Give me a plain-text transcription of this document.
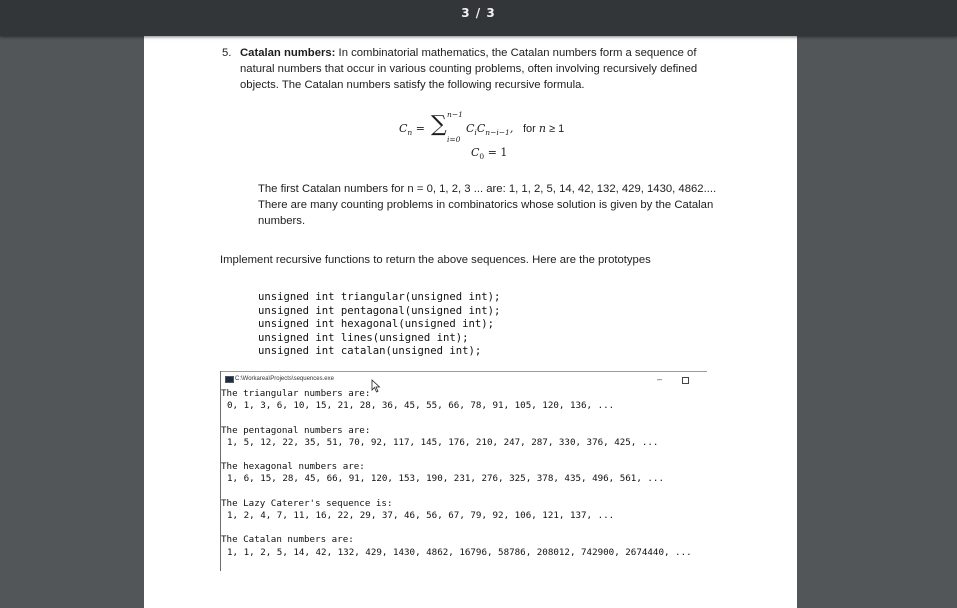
3 / 3
5. Catalan numbers: In combinatorial mathematics, the Catalan numbers form a sequence of natural numbers that occur in various counting problems, often involving recursively defined objects. The Catalan numbers satisfy the following recursive formula.
$C_n$ = ∑ n−1
i=0
$C_iC_{n-i-1}$, for n ≥ 1
$C_0 = 1$
The first Catalan numbers for n = 0, 1, 2, 3 ... are: 1, 1, 2, 5, 14, 42, 132, 429, 1430, 4862.... There are many counting problems in combinatorics whose solution is given by the Catalan numbers.
Implement recursive functions to return the above sequences. Here are the prototypes
unsigned int triangular(unsigned int);
unsigned int pentagonal(unsigned int);
unsigned int hexagonal(unsigned int);
unsigned int lines(unsigned int);
unsigned int catalan(unsigned int);
C:\Workarea\Projects\sequences.exe	–
The triangular numbers are:
0, 1, 3, 6, 10, 15, 21, 28, 36, 45, 55, 66, 78, 91, 105, 120, 136, ...
The pentagonal numbers are:
1, 5, 12, 22, 35, 51, 70, 92, 117, 145, 176, 210, 247, 287, 330, 376, 425, ...
The hexagonal numbers are:
1, 6, 15, 28, 45, 66, 91, 120, 153, 190, 231, 276, 325, 378, 435, 496, 561, ...
The Lazy Caterer's sequence is:
1, 2, 4, 7, 11, 16, 22, 29, 37, 46, 56, 67, 79, 92, 106, 121, 137, ...
The Catalan numbers are:
1, 1, 2, 5, 14, 42, 132, 429, 1430, 4862, 16796, 58786, 208012, 742900, 2674440, ...
